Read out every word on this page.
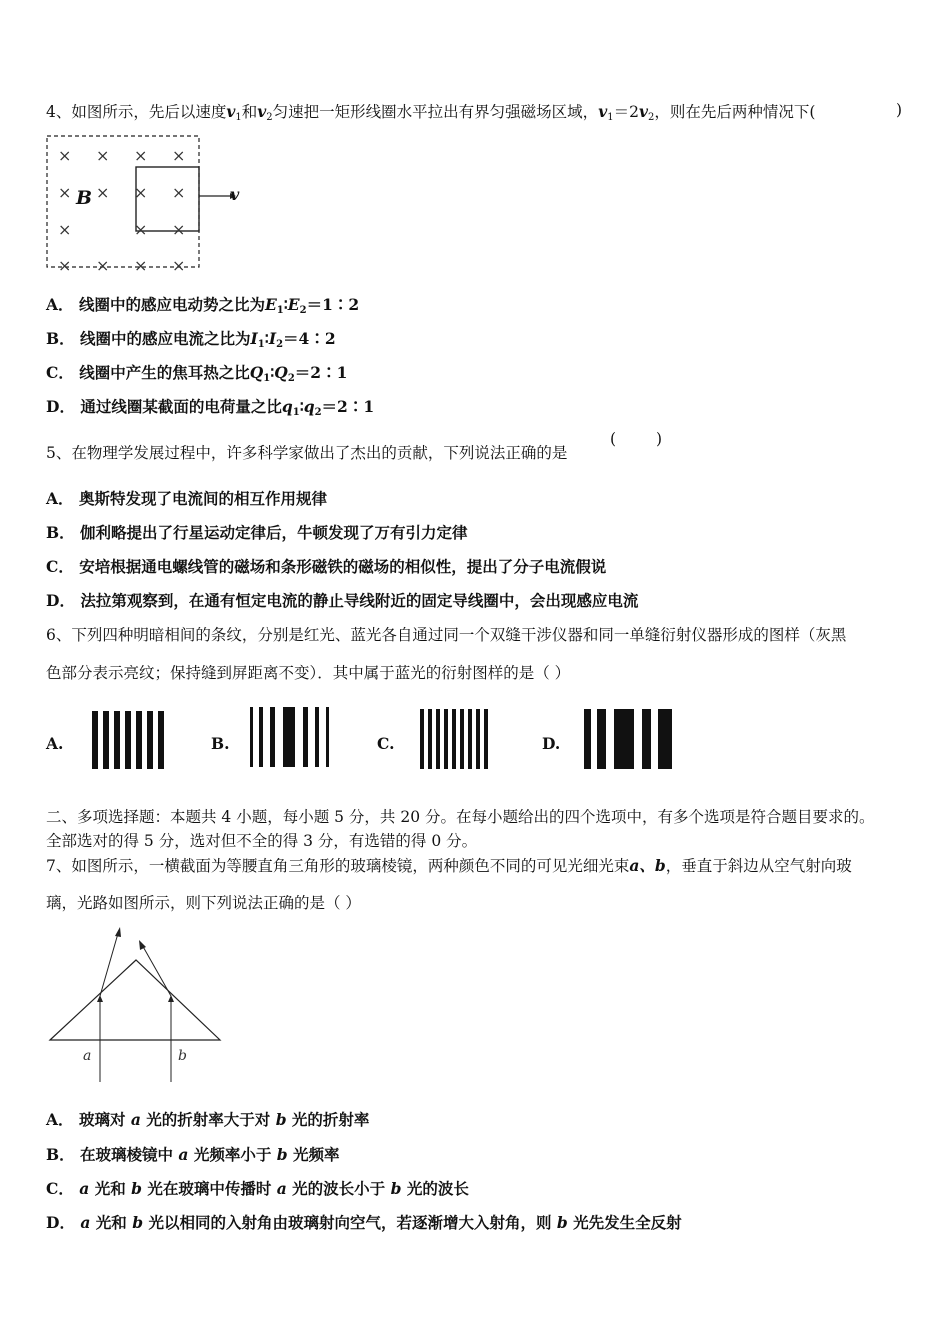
4、如图所示，先后以速度$v_1$和$v_2$匀速把一矩形线圈水平拉出有界匀强磁场区域，$v_1=2v_2$，则在先后两种情况下(	)
× × × ×
× × × ×
×	× ×
× × × ×
B	v
A． 线圈中的感应电动势之比为$E_1∶E_2=1∶2$
B． 线圈中的感应电流之比为$I_1∶I_2=4∶2$
C． 线圈中产生的焦耳热之比$Q_1∶Q_2=2∶1$
D． 通过线圈某截面的电荷量之比$q_1∶q_2=2∶1$
5、在物理学发展过程中，许多科学家做出了杰出的贡献，下列说法正确的是
(	)
A． 奥斯特发现了电流间的相互作用规律
B． 伽利略提出了行星运动定律后，牛顿发现了万有引力定律
C． 安培根据通电螺线管的磁场和条形磁铁的磁场的相似性，提出了分子电流假说
D． 法拉第观察到，在通有恒定电流的静止导线附近的固定导线圈中，会出现感应电流
6、下列四种明暗相间的条纹，分别是红光、蓝光各自通过同一个双缝干涉仪器和同一单缝衍射仪器形成的图样（灰黑
色部分表示亮纹；保持缝到屏距离不变）．其中属于蓝光的衍射图样的是（ ）
A.	B.	C.	D.
二、多项选择题：本题共 4 小题，每小题 5 分，共 20 分。在每小题给出的四个选项中，有多个选项是符合题目要求的。
全部选对的得 5 分，选对但不全的得 3 分，有选错的得 0 分。
7、如图所示，一横截面为等腰直角三角形的玻璃棱镜，两种颜色不同的可见光细光束a、b，垂直于斜边从空气射向玻
璃，光路如图所示，则下列说法正确的是（ ）
a	b
A． 玻璃对 a 光的折射率大于对 b 光的折射率
B． 在玻璃棱镜中 a 光频率小于 b 光频率
C． a 光和 b 光在玻璃中传播时 a 光的波长小于 b 光的波长
D． a 光和 b 光以相同的入射角由玻璃射向空气，若逐渐增大入射角，则 b 光先发生全反射
